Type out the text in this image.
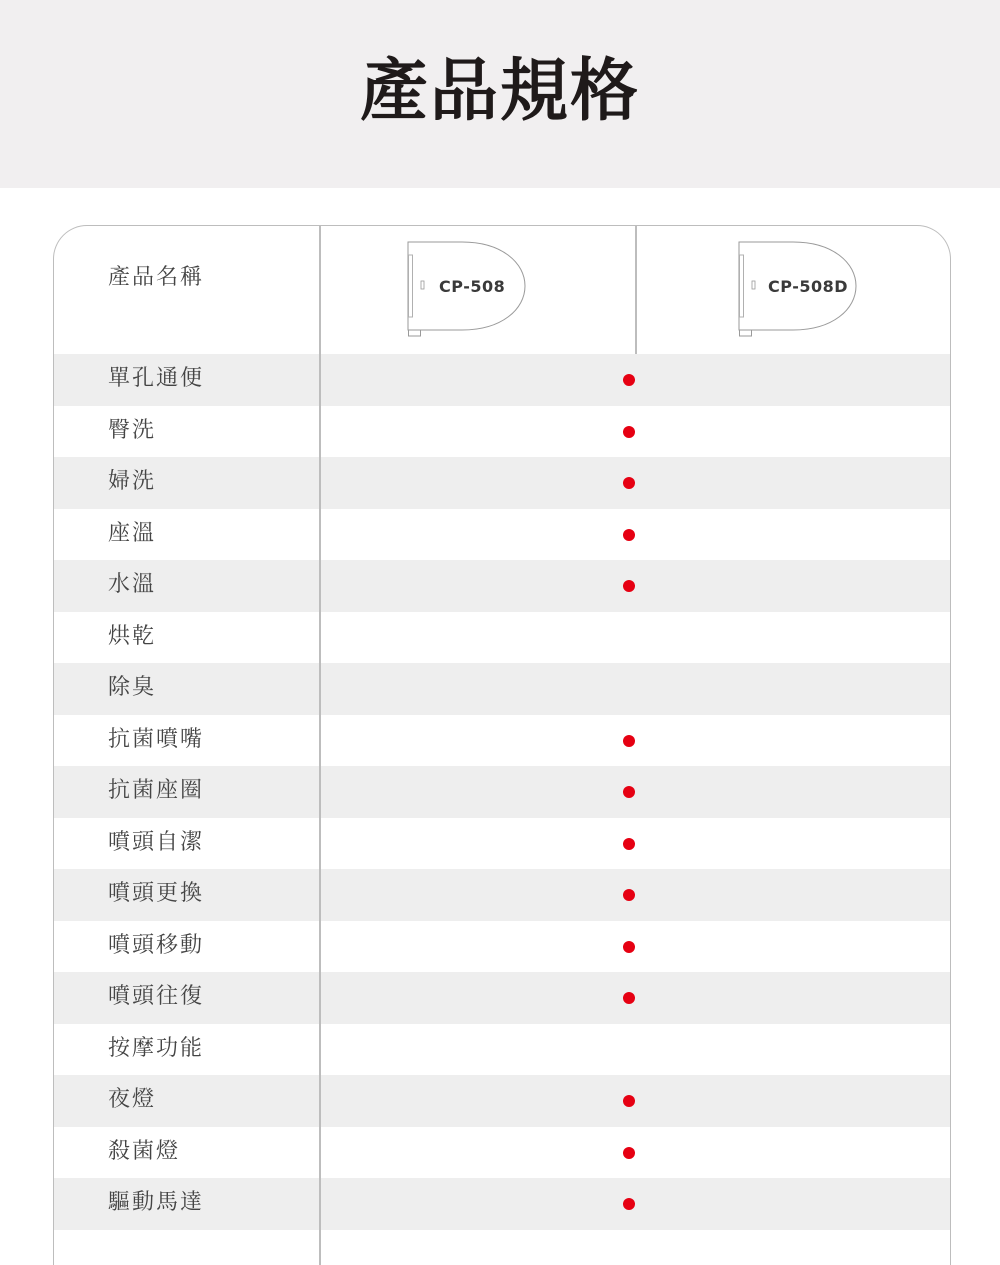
產品規格
產品名稱	CP-508	CP-508D
單孔通便
臀洗
婦洗
座溫
水溫
烘乾
除臭
抗菌噴嘴
抗菌座圈
噴頭自潔
噴頭更換
噴頭移動
噴頭往復
按摩功能
夜燈
殺菌燈
驅動馬達
